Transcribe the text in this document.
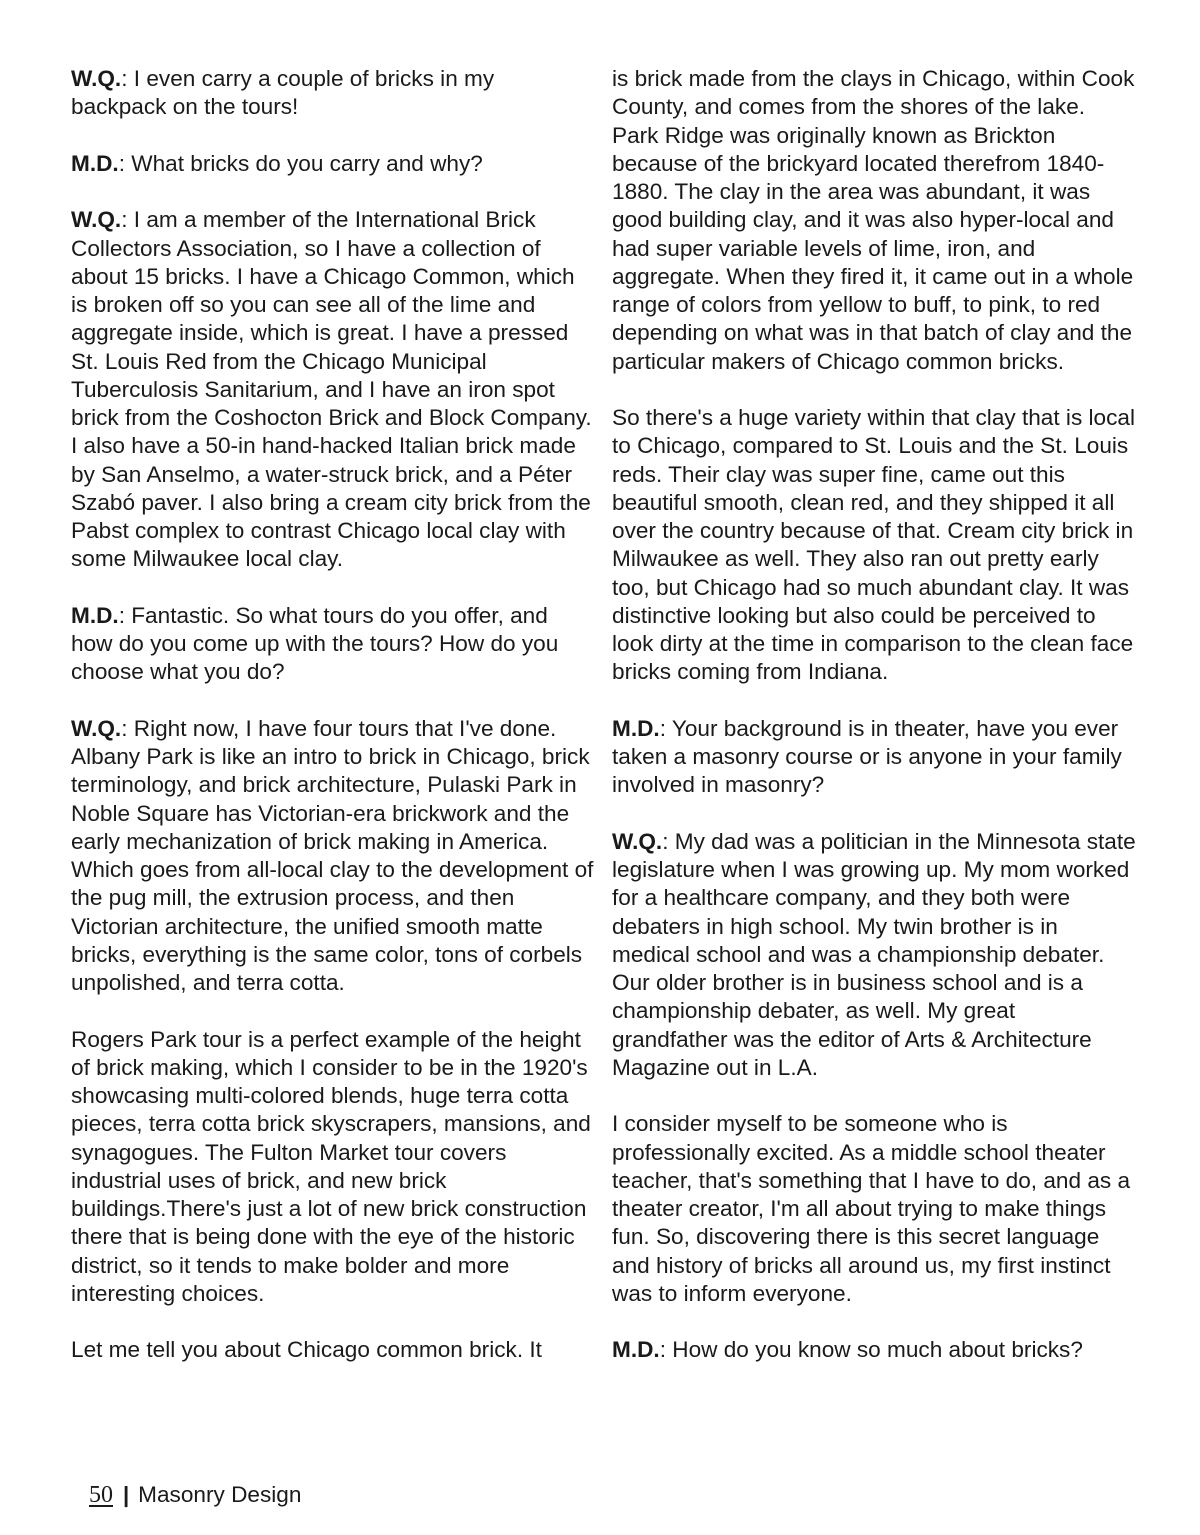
W.Q.: I even carry a couple of bricks in my backpack on the tours!

M.D.: What bricks do you carry and why?

W.Q.: I am a member of the International Brick Collectors Association, so I have a collection of about 15 bricks. I have a Chicago Common, which is broken off so you can see all of the lime and aggregate inside, which is great. I have a pressed St. Louis Red from the Chicago Municipal Tuberculosis Sanitarium, and I have an iron spot brick from the Coshocton Brick and Block Company. I also have a 50-in hand-hacked Italian brick made by San Anselmo, a water-struck brick, and a Péter Szabó paver. I also bring a cream city brick from the Pabst complex to contrast Chicago local clay with some Milwaukee local clay.

M.D.: Fantastic. So what tours do you offer, and how do you come up with the tours? How do you choose what you do?

W.Q.: Right now, I have four tours that I've done. Albany Park is like an intro to brick in Chicago, brick terminology, and brick architecture, Pulaski Park in Noble Square has Victorian-era brickwork and the early mechanization of brick making in America. Which goes from all-local clay to the development of the pug mill, the extrusion process, and then Victorian architecture, the unified smooth matte bricks, everything is the same color, tons of corbels unpolished, and terra cotta.

Rogers Park tour is a perfect example of the height of brick making, which I consider to be in the 1920's showcasing multi-colored blends, huge terra cotta pieces, terra cotta brick skyscrapers, mansions, and synagogues. The Fulton Market tour covers industrial uses of brick, and new brick buildings.There's just a lot of new brick construction there that is being done with the eye of the historic district, so it tends to make bolder and more interesting choices.

Let me tell you about Chicago common brick. It

is brick made from the clays in Chicago, within Cook County, and comes from the shores of the lake. Park Ridge was originally known as Brickton because of the brickyard located therefrom 1840-1880. The clay in the area was abundant, it was good building clay, and it was also hyper-local and had super variable levels of lime, iron, and aggregate. When they fired it, it came out in a whole range of colors from yellow to buff, to pink, to red depending on what was in that batch of clay and the particular makers of Chicago common bricks.

So there's a huge variety within that clay that is local to Chicago, compared to St. Louis and the St. Louis reds. Their clay was super fine, came out this beautiful smooth, clean red, and they shipped it all over the country because of that. Cream city brick in Milwaukee as well. They also ran out pretty early too, but Chicago had so much abundant clay. It was distinctive looking but also could be perceived to look dirty at the time in comparison to the clean face bricks coming from Indiana.

M.D.: Your background is in theater, have you ever taken a masonry course or is anyone in your family involved in masonry?

W.Q.: My dad was a politician in the Minnesota state legislature when I was growing up. My mom worked for a healthcare company, and they both were debaters in high school. My twin brother is in medical school and was a championship debater. Our older brother is in business school and is a championship debater, as well. My great grandfather was the editor of Arts & Architecture Magazine out in L.A.

I consider myself to be someone who is professionally excited. As a middle school theater teacher, that's something that I have to do, and as a theater creator, I'm all about trying to make things fun. So, discovering there is this secret language and history of bricks all around us, my first instinct was to inform everyone.

M.D.: How do you know so much about bricks?

50 | Masonry Design
